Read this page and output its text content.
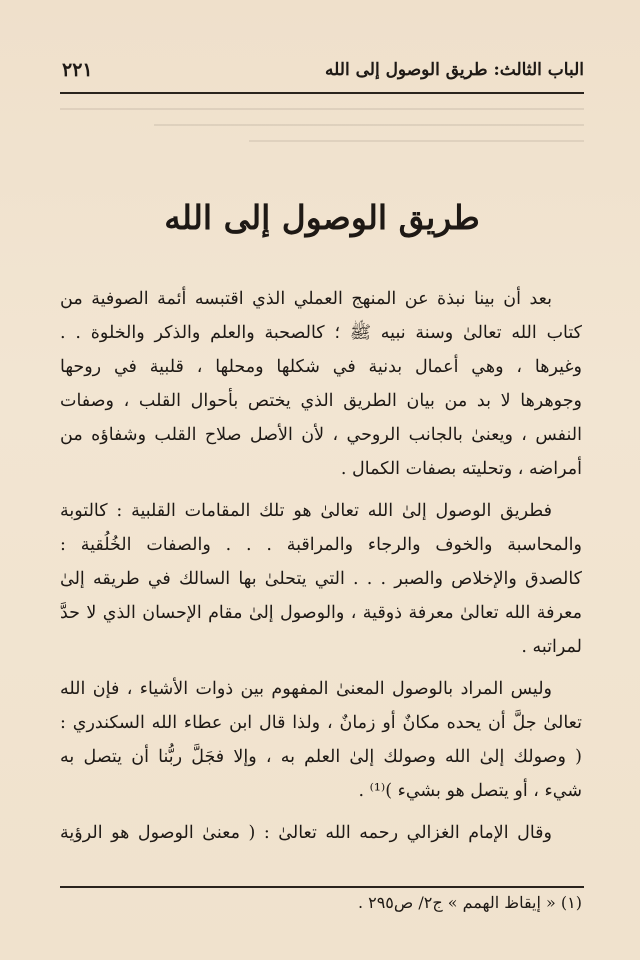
الباب الثالث: طريق الوصول إلى الله
٢٢١
طريق الوصول إلى الله
بعد أن بينا نبذة عن المنهج العملي الذي اقتبسه أئمة الصوفية من
كتاب الله تعالىٰ وسنة نبيه ﷺ ؛ كالصحبة والعلم والذكر والخلوة . .
وغيرها ، وهي أعمال بدنية في شكلها ومحلها ، قلبية في روحها
وجوهرها لا بد من بيان الطريق الذي يختص بأحوال القلب ، وصفات
النفس ، ويعنىٰ بالجانب الروحي ، لأن الأصل صلاح القلب وشفاؤه من
أمراضه ، وتحليته بصفات الكمال .
فطريق الوصول إلىٰ الله تعالىٰ هو تلك المقامات القلبية : كالتوبة
والمحاسبة والخوف والرجاء والمراقبة . . . والصفات الخُلُقية :
كالصدق والإخلاص والصبر . . . التي يتحلىٰ بها السالك في طريقه إلىٰ
معرفة الله تعالىٰ معرفة ذوقية ، والوصول إلىٰ مقام الإحسان الذي لا حدَّ
لمراتبه .
وليس المراد بالوصول المعنىٰ المفهوم بين ذوات الأشياء ، فإن الله
تعالىٰ جلَّ أن يحده مكانٌ أو زمانٌ ، ولذا قال ابن عطاء الله السكندري :
( وصولك إلىٰ الله وصولك إلىٰ العلم به ، وإلا فجَلَّ ربُّنا أن يتصل به
شيء ، أو يتصل هو بشيء )⁽¹⁾ .
وقال الإمام الغزالي رحمه الله تعالىٰ : ( معنىٰ الوصول هو الرؤية
(١) « إيقاظ الهمم » ج٢/ ص٢٩٥ .
